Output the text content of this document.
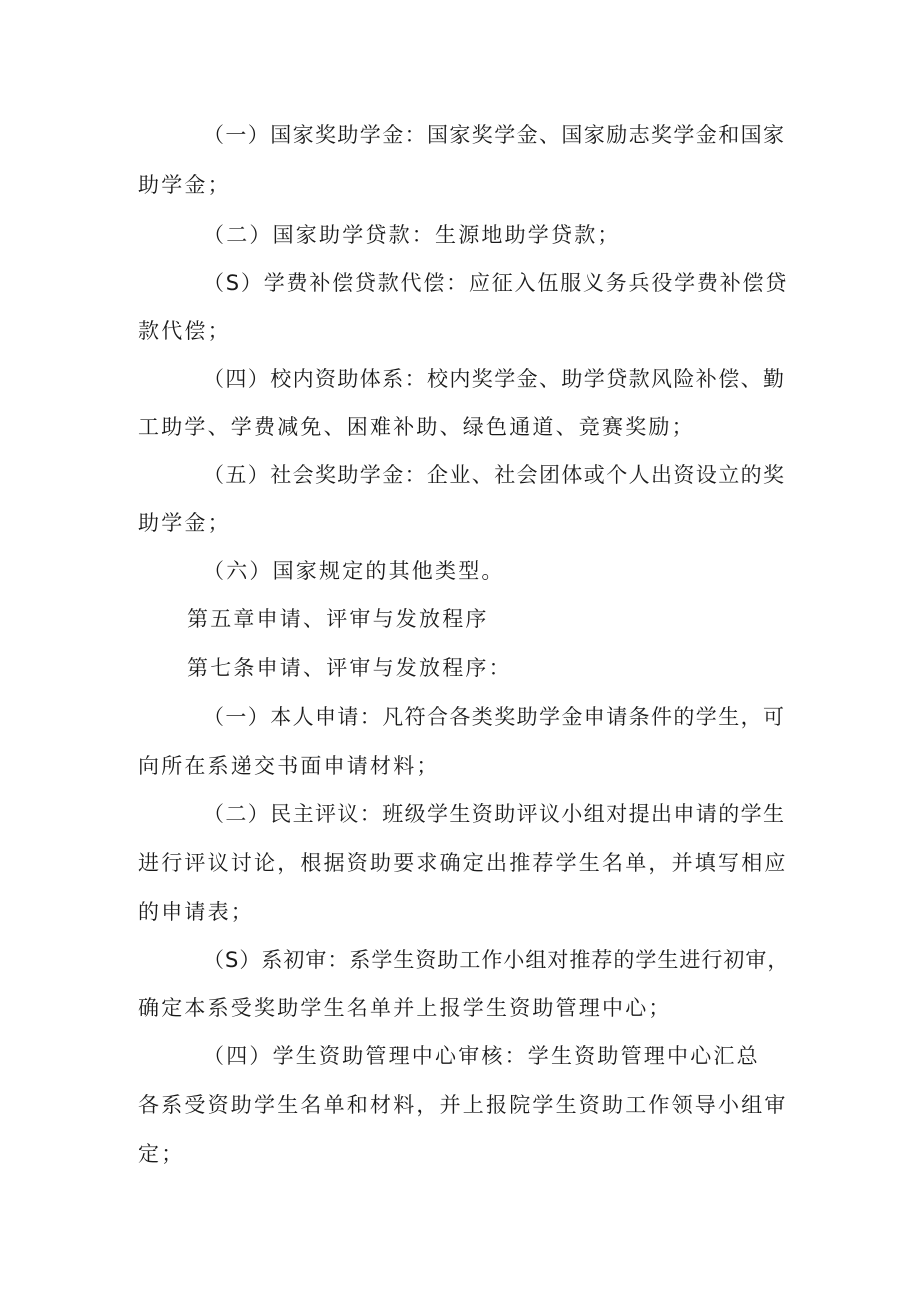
（一）国家奖助学金：国家奖学金、国家励志奖学金和国家
助学金；
（二）国家助学贷款：生源地助学贷款；
（S）学费补偿贷款代偿：应征入伍服义务兵役学费补偿贷
款代偿；
（四）校内资助体系：校内奖学金、助学贷款风险补偿、勤
工助学、学费减免、困难补助、绿色通道、竞赛奖励；
（五）社会奖助学金：企业、社会团体或个人出资设立的奖
助学金；
（六）国家规定的其他类型。
第五章申请、评审与发放程序
第七条申请、评审与发放程序：
（一）本人申请：凡符合各类奖助学金申请条件的学生，可
向所在系递交书面申请材料；
（二）民主评议：班级学生资助评议小组对提出申请的学生
进行评议讨论，根据资助要求确定出推荐学生名单，并填写相应
的申请表；
（S）系初审：系学生资助工作小组对推荐的学生进行初审，
确定本系受奖助学生名单并上报学生资助管理中心；
（四）学生资助管理中心审核：学生资助管理中心汇总
各系受资助学生名单和材料，并上报院学生资助工作领导小组审
定；
